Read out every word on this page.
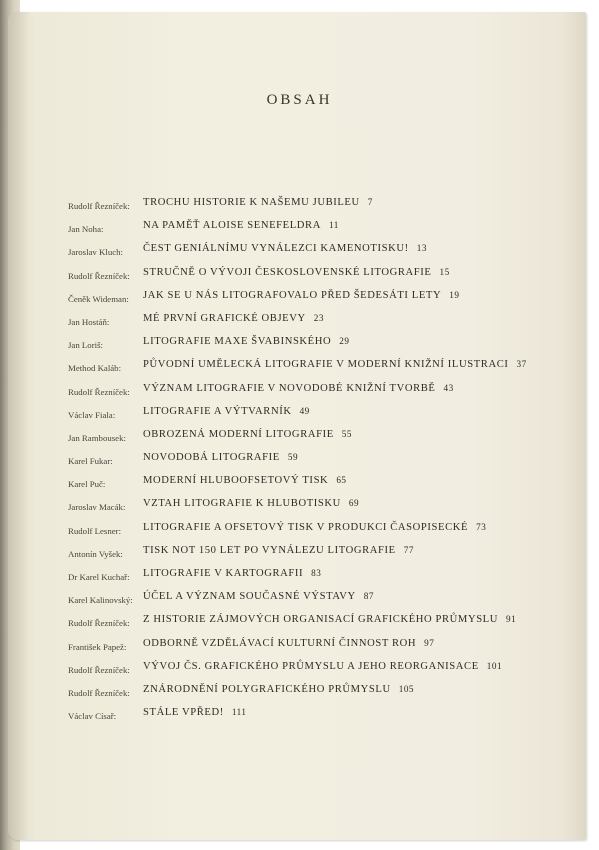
OBSAH
Rudolf Řezníček: TROCHU HISTORIE K NAŠEMU JUBILEU 7
Jan Noha:	NA PAMĚŤ ALOISE SENEFELDRA 11
Jaroslav Kluch: ČEST GENIÁLNÍMU VYNÁLEZCI KAMENOTISKU! 13
Rudolf Řezníček: STRUČNĚ O VÝVOJI ČESKOSLOVENSKÉ LITOGRAFIE 15
Čeněk Wideman: JAK SE U NÁS LITOGRAFOVALO PŘED ŠEDESÁTI LETY 19
Jan Hostáň:	MÉ PRVNÍ GRAFICKÉ OBJEVY 23
Jan Loriš:	LITOGRAFIE MAXE ŠVABINSKÉHO 29
Method Kaláb: PŮVODNÍ UMĚLECKÁ LITOGRAFIE V MODERNÍ KNIŽNÍ ILUSTRACI 37
Rudolf Řezníček: VÝZNAM LITOGRAFIE V NOVODOBÉ KNIŽNÍ TVORBĚ 43
Václav Fiala:	LITOGRAFIE A VÝTVARNÍK 49
Jan Rambousek: OBROZENÁ MODERNÍ LITOGRAFIE 55
Karel Fukar:	NOVODOBÁ LITOGRAFIE 59
Karel Puč:	MODERNÍ HLUBOOFSETOVÝ TISK 65
Jaroslav Macák: VZTAH LITOGRAFIE K HLUBOTISKU 69
Rudolf Lesner: LITOGRAFIE A OFSETOVÝ TISK V PRODUKCI ČASOPISECKÉ 73
Antonín Vyšek: TISK NOT 150 LET PO VYNÁLEZU LITOGRAFIE 77
Dr Karel Kuchař: LITOGRAFIE V KARTOGRAFII 83
Karel Kalinovský: ÚČEL A VÝZNAM SOUČASNÉ VÝSTAVY 87
Rudolf Řezníček: Z HISTORIE ZÁJMOVÝCH ORGANISACÍ GRAFICKÉHO PRŮMYSLU 91
František Papež: ODBORNĚ VZDĚLÁVACÍ KULTURNÍ ČINNOST ROH 97
Rudolf Řezníček: VÝVOJ ČS. GRAFICKÉHO PRŮMYSLU A JEHO REORGANISACE 101
Rudolf Řezníček: ZNÁRODNĚNÍ POLYGRAFICKÉHO PRŮMYSLU 105
Václav Císař:	STÁLE VPŘED! 111
